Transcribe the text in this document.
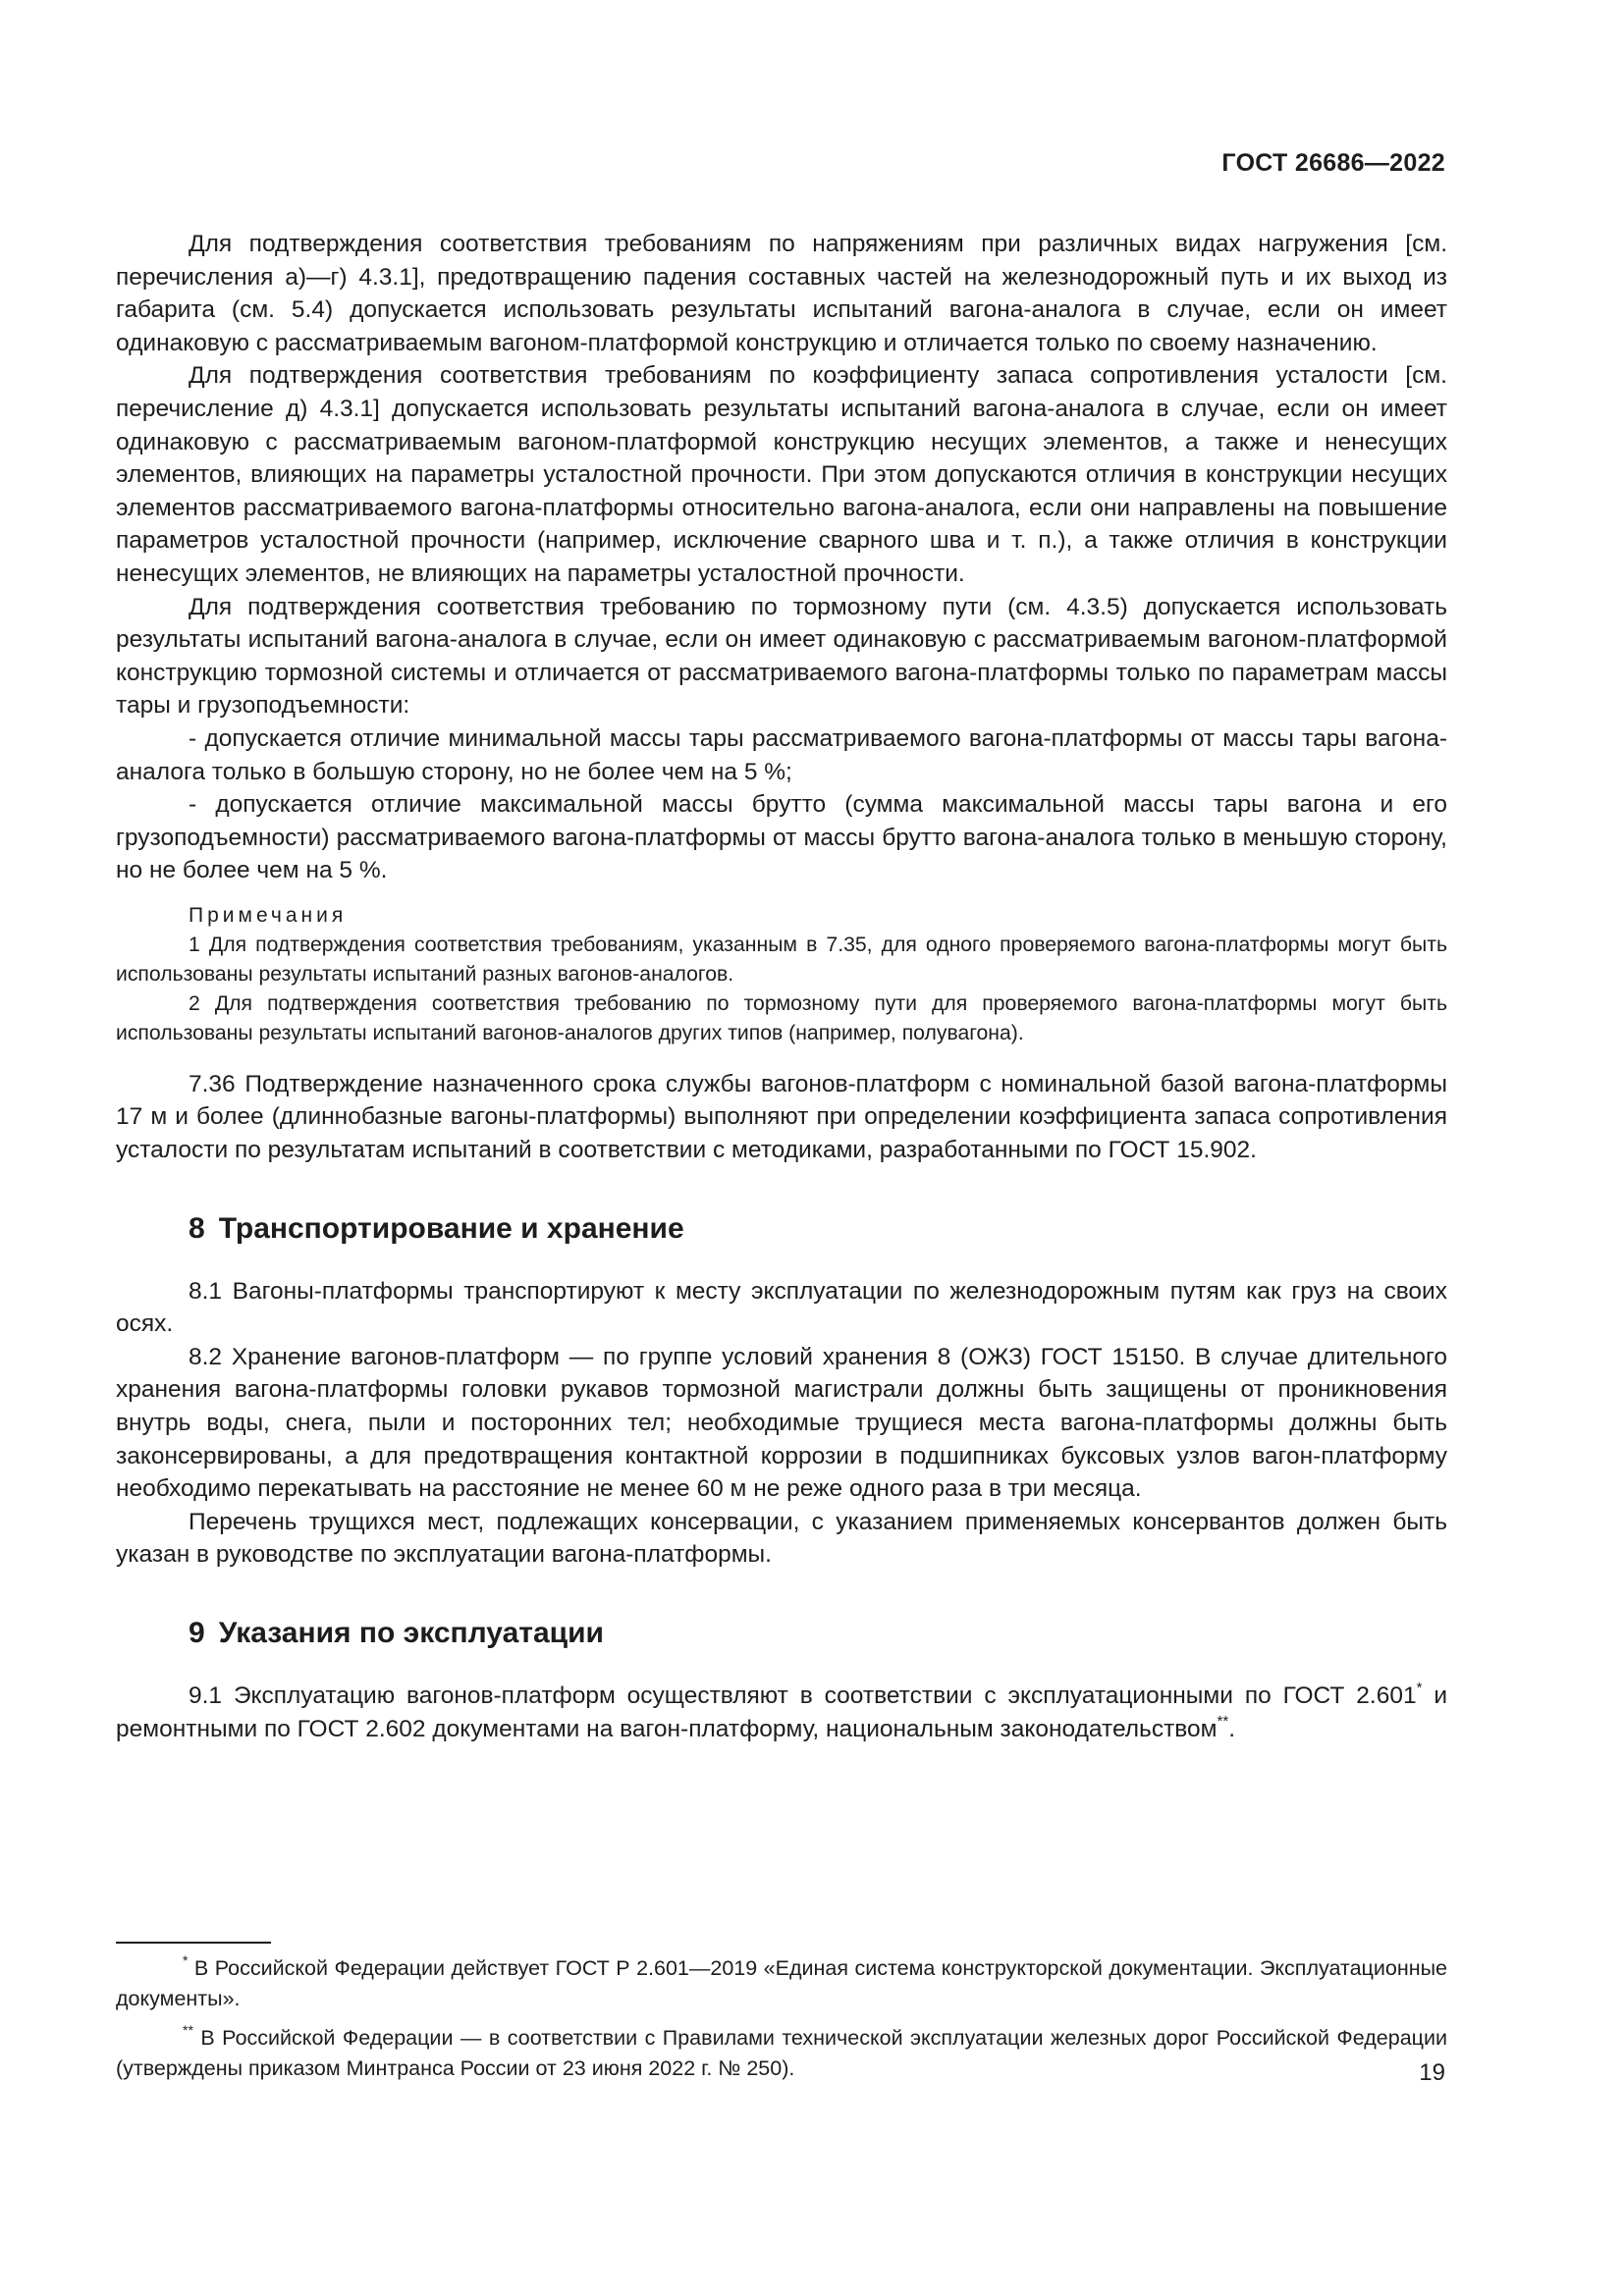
ГОСТ 26686—2022

Для подтверждения соответствия требованиям по напряжениям при различных видах нагружения [см. перечисления а)—г) 4.3.1], предотвращению падения составных частей на железнодорожный путь и их выход из габарита (см. 5.4) допускается использовать результаты испытаний вагона-аналога в случае, если он имеет одинаковую с рассматриваемым вагоном-платформой конструкцию и отличается только по своему назначению.

Для подтверждения соответствия требованиям по коэффициенту запаса сопротивления усталости [см. перечисление д) 4.3.1] допускается использовать результаты испытаний вагона-аналога в случае, если он имеет одинаковую с рассматриваемым вагоном-платформой конструкцию несущих элементов, а также и ненесущих элементов, влияющих на параметры усталостной прочности. При этом допускаются отличия в конструкции несущих элементов рассматриваемого вагона-платформы относительно вагона-аналога, если они направлены на повышение параметров усталостной прочности (например, исключение сварного шва и т. п.), а также отличия в конструкции ненесущих элементов, не влияющих на параметры усталостной прочности.

Для подтверждения соответствия требованию по тормозному пути (см. 4.3.5) допускается использовать результаты испытаний вагона-аналога в случае, если он имеет одинаковую с рассматриваемым вагоном-платформой конструкцию тормозной системы и отличается от рассматриваемого вагона-платформы только по параметрам массы тары и грузоподъемности:

- допускается отличие минимальной массы тары рассматриваемого вагона-платформы от массы тары вагона-аналога только в большую сторону, но не более чем на 5 %;

- допускается отличие максимальной массы брутто (сумма максимальной массы тары вагона и его грузоподъемности) рассматриваемого вагона-платформы от массы брутто вагона-аналога только в меньшую сторону, но не более чем на 5 %.

Примечания

1 Для подтверждения соответствия требованиям, указанным в 7.35, для одного проверяемого вагона-платформы могут быть использованы результаты испытаний разных вагонов-аналогов.

2 Для подтверждения соответствия требованию по тормозному пути для проверяемого вагона-платформы могут быть использованы результаты испытаний вагонов-аналогов других типов (например, полувагона).

7.36 Подтверждение назначенного срока службы вагонов-платформ с номинальной базой вагона-платформы 17 м и более (длиннобазные вагоны-платформы) выполняют при определении коэффициента запаса сопротивления усталости по результатам испытаний в соответствии с методиками, разработанными по ГОСТ 15.902.

8 Транспортирование и хранение

8.1 Вагоны-платформы транспортируют к месту эксплуатации по железнодорожным путям как груз на своих осях.

8.2 Хранение вагонов-платформ — по группе условий хранения 8 (ОЖЗ) ГОСТ 15150. В случае длительного хранения вагона-платформы головки рукавов тормозной магистрали должны быть защищены от проникновения внутрь воды, снега, пыли и посторонних тел; необходимые трущиеся места вагона-платформы должны быть законсервированы, а для предотвращения контактной коррозии в подшипниках буксовых узлов вагон-платформу необходимо перекатывать на расстояние не менее 60 м не реже одного раза в три месяца.

Перечень трущихся мест, подлежащих консервации, с указанием применяемых консервантов должен быть указан в руководстве по эксплуатации вагона-платформы.

9 Указания по эксплуатации

9.1 Эксплуатацию вагонов-платформ осуществляют в соответствии с эксплуатационными по ГОСТ 2.601* и ремонтными по ГОСТ 2.602 документами на вагон-платформу, национальным законодательством**.

* В Российской Федерации действует ГОСТ Р 2.601—2019 «Единая система конструкторской документации. Эксплуатационные документы».

** В Российской Федерации — в соответствии с Правилами технической эксплуатации железных дорог Российской Федерации (утверждены приказом Минтранса России от 23 июня 2022 г. № 250).	19
